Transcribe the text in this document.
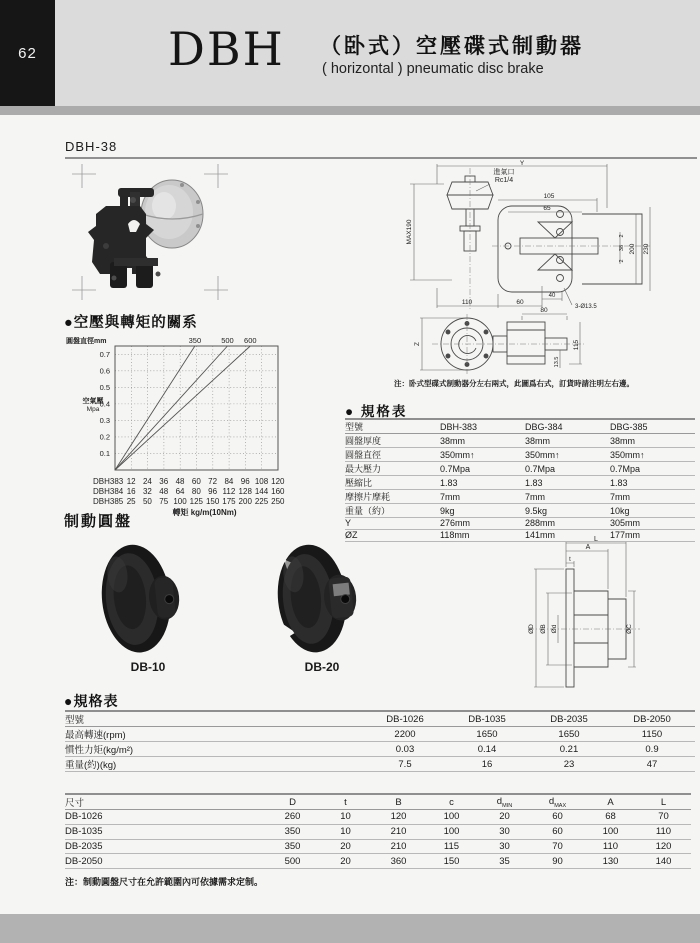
62	DBH （卧式）空壓碟式制動器
( horizontal ) pneumatic disc brake
DBH-38
Y
進氣口
Rc1/4
MAX190
105
65
2
38
2
200 230
40
110	60
3-Ø13.5
80
Z	115
13.5
注：卧式型碟式制動器分左右兩式，此圖爲右式，訂貨時請注明左右邊。
●空壓與轉矩的關系
0.7
0.6
0.5
0.4
0.3
0.2
0.1
350	500 600
圓盤直徑mm
空氣壓
Mpa
DBH383 12 24 36 48 60 72 84 96 108 120
DBH384 16 32 48 64 80 96 112 128 144 160
DBH385 25 50 75 100 125 150 175 200 225 250
轉矩 kg/m(10Nm)
制動圓盤
DB-10	DB-20
L
A
t
ØD ØB Ød	ØC
● 規格表
型號	DBH-383	DBG-384	DBG-385
圓盤厚度	38mm	38mm	38mm
圓盤直徑	350mm↑	350mm↑	350mm↑
最大壓力	0.7Mpa	0.7Mpa	0.7Mpa
壓縮比	1.83	1.83	1.83
摩擦片摩耗	7mm	7mm	7mm
重量（約）	9kg	9.5kg	10kg
Y	276mm	288mm	305mm
ØZ	118mm	141mm	177mm
●規格表
型號	DB-1026	DB-1035	DB-2035	DB-2050
最高轉速(rpm)	2200	1650	1650	1150
慣性力矩(kg/m²)	0.03	0.14	0.21	0.9
重量(約)(kg)	7.5	16	23	47
尺寸	D	t	B	c	$d_{MIN}$	$d_{MAX}$	A	L
DB-1026	260	10	120	100	20	60	68	70
DB-1035	350	10	210	100	30	60	100	110
DB-2035	350	20	210	115	30	70	110	120
DB-2050	500	20	360	150	35	90	130	140
注：制動圓盤尺寸在允許範圍內可依據需求定制。
